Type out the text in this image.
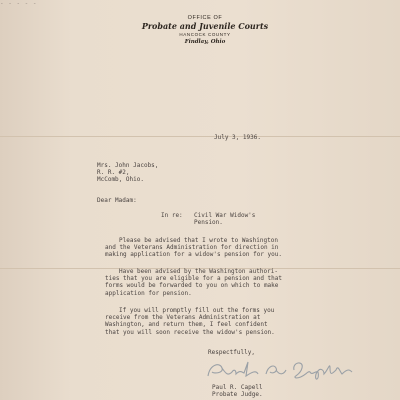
- - - - -
OFFICE OF
Probate and Juvenile Courts
HANCOCK COUNTY
Findlay, Ohio
July 3, 1936.
Mrs. John Jacobs,
R. R. #2,
McComb, Ohio.
Dear Madam:
In re: Civil War Widow's
Pension.
Please be advised that I wrote to Washington
and the Veterans Administration for direction in
making application for a widow's pension for you.
Have been advised by the Washington authori-
ties that you are eligible for a pension and that
forms would be forwarded to you on which to make
application for pension.
If you will promptly fill out the forms you
receive from the Veterans Administration at
Washington, and return them, I feel confident
that you will soon receive the widow's pension.
Respectfully,
Paul R. Capell
Probate Judge.
